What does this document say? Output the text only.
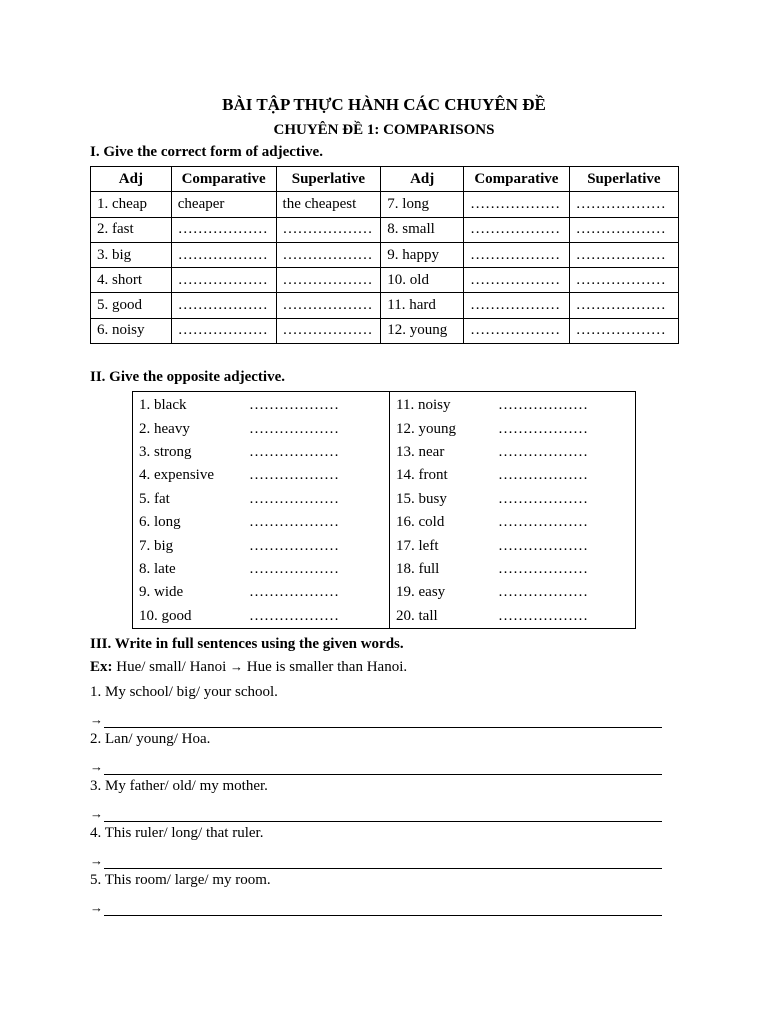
BÀI TẬP THỰC HÀNH CÁC CHUYÊN ĐỀ
CHUYÊN ĐỀ 1: COMPARISONS

I. Give the correct form of adjective.

Adj	Comparative	Superlative	Adj	Comparative	Superlative
1. cheap	cheaper	the cheapest	7. long	………………	………………
2. fast	………………	………………	8. small	………………	………………
3. big	………………	………………	9. happy	………………	………………
4. short	………………	………………	10. old	………………	………………
5. good	………………	………………	11. hard	………………	………………
6. noisy	………………	………………	12. young	………………	………………

II. Give the opposite adjective.

1. black	………………	11. noisy	………………
2. heavy	………………	12. young	………………
3. strong	………………	13. near	………………
4. expensive	………………	14. front	………………
5. fat	………………	15. busy	………………
6. long	………………	16. cold	………………
7. big	………………	17. left	………………
8. late	………………	18. full	………………
9. wide	………………	19. easy	………………
10. good	………………	20. tall	………………

III. Write in full sentences using the given words.

Ex: Hue/ small/ Hanoi → Hue is smaller than Hanoi.

1. My school/ big/ your school.

→

2. Lan/ young/ Hoa.

→

3. My father/ old/ my mother.

→

4. This ruler/ long/ that ruler.

→

5. This room/ large/ my room.

→
